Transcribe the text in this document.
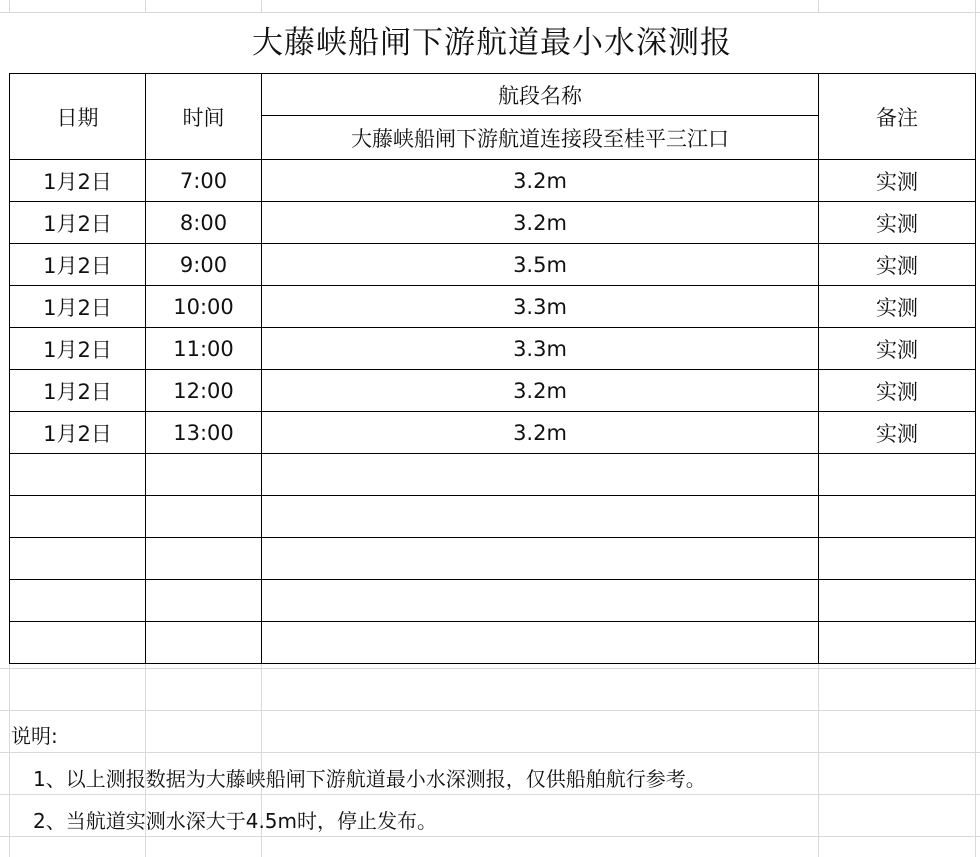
大藤峡船闸下游航道最小水深测报
日期	时间	航段名称	备注
		大藤峡船闸下游航道连接段至桂平三江口	
1月2日	7:00	3.2m	实测
1月2日	8:00	3.2m	实测
1月2日	9:00	3.5m	实测
1月2日	10:00	3.3m	实测
1月2日	11:00	3.3m	实测
1月2日	12:00	3.2m	实测
1月2日	13:00	3.2m	实测

说明:
1、以上测报数据为大藤峡船闸下游航道最小水深测报，仅供船舶航行参考。
2、当航道实测水深大于4.5m时，停止发布。
